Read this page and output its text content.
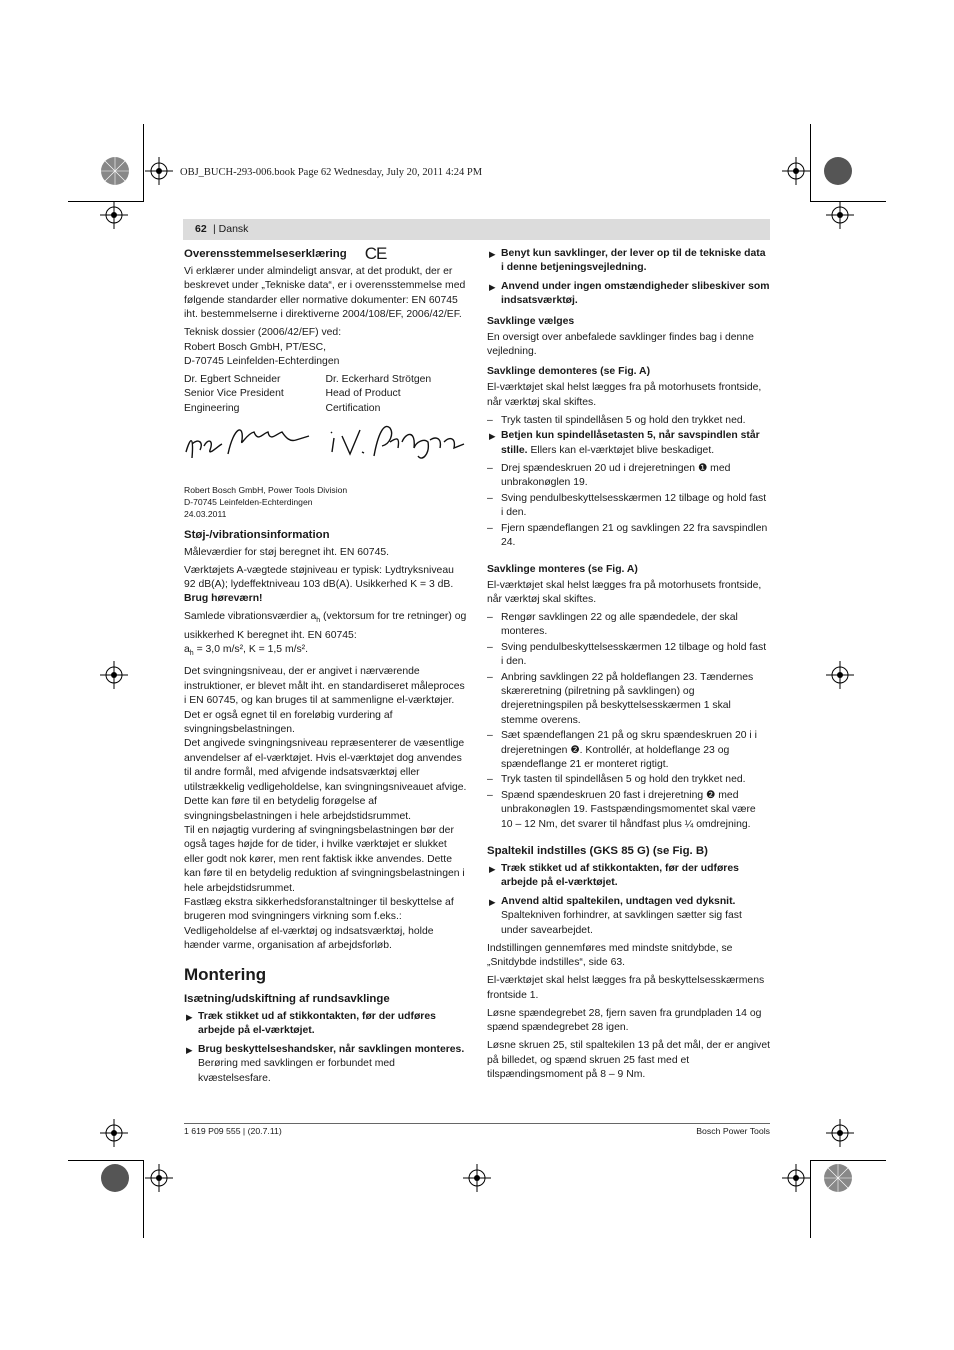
OBJ_BUCH-293-006.book Page 62 Wednesday, July 20, 2011 4:24 PM
62 | Dansk
Overensstemmelseserklæring CE

Vi erklærer under almindeligt ansvar, at det produkt, der er beskrevet under „Tekniske data“, er i overensstemmelse med følgende standarder eller normative dokumenter: EN 60745 iht. bestemmelserne i direktiverne 2004/108/EF, 2006/42/EF.

Teknisk dossier (2006/42/EF) ved:
Robert Bosch GmbH, PT/ESC,
D-70745 Leinfelden-Echterdingen

Dr. Egbert Schneider
Senior Vice President
Engineering
Dr. Eckerhard Strötgen
Head of Product
Certification

Robert Bosch GmbH, Power Tools Division
D-70745 Leinfelden-Echterdingen
24.03.2011

Støj-/vibrationsinformation

Måleværdier for støj beregnet iht. EN 60745.

Værktøjets A-vægtede støjniveau er typisk: Lydtryksniveau 92 dB(A); lydeffektniveau 103 dB(A). Usikkerhed K = 3 dB.

Brug høreværn!

Samlede vibrationsværdier $a_h$ (vektorsum for tre retninger) og usikkerhed K beregnet iht. EN 60745:
$a_h = 3,0$ m/s², K = 1,5 m/s².

Det svingningsniveau, der er angivet i nærværende instruktioner, er blevet målt iht. en standardiseret måleproces i EN 60745, og kan bruges til at sammenligne el-værktøjer. Det er også egnet til en foreløbig vurdering af svingningsbelastningen.

Det angivede svingningsniveau repræsenterer de væsentlige anvendelser af el-værktøjet. Hvis el-værktøjet dog anvendes til andre formål, med afvigende indsatsværktøj eller utilstrækkelig vedligeholdelse, kan svingningsniveauet afvige. Dette kan føre til en betydelig forøgelse af svingningsbelastningen i hele arbejdstidsrummet.

Til en nøjagtig vurdering af svingningsbelastningen bør der også tages højde for de tider, i hvilke værktøjet er slukket eller godt nok kører, men rent faktisk ikke anvendes. Dette kan føre til en betydelig reduktion af svingningsbelastningen i hele arbejdstidsrummet.

Fastlæg ekstra sikkerhedsforanstaltninger til beskyttelse af brugeren mod svingningers virkning som f.eks.: Vedligeholdelse af el-værktøj og indsatsværktøj, holde hænder varme, organisation af arbejdsforløb.

Montering
Isætning/udskiftning af rundsavklinge
▶ Træk stikket ud af stikkontakten, før der udføres arbejde på el-værktøjet.
▶ Brug beskyttelseshandsker, når savklingen monteres. Berøring med savklingen er forbundet med kvæstelsesfare.
▶ Benyt kun savklinger, der lever op til de tekniske data i denne betjeningsvejledning.
▶ Anvend under ingen omstændigheder slibeskiver som indsatsværktøj.
Savklinge vælges

En oversigt over anbefalede savklinger findes bag i denne vejledning.

Savklinge demonteres (se Fig. A)

El-værktøjet skal helst lægges fra på motorhusets frontside, når værktøj skal skiftes.

– Tryk tasten til spindellåsen 5 og hold den trykket ned.
▶ Betjen kun spindellåsetasten 5, når savspindlen står stille. Ellers kan el-værktøjet blive beskadiget.
– Drej spændeskruen 20 ud i drejeretningen ❶ med unbrakonøglen 19.
– Sving pendulbeskyttelsesskærmen 12 tilbage og hold fast i den.
– Fjern spændeflangen 21 og savklingen 22 fra savspindlen 24.
Savklinge monteres (se Fig. A)

El-værktøjet skal helst lægges fra på motorhusets frontside, når værktøj skal skiftes.

– Rengør savklingen 22 og alle spændedele, der skal monteres.
– Sving pendulbeskyttelsesskærmen 12 tilbage og hold fast i den.
– Anbring savklingen 22 på holdeflangen 23. Tændernes skæreretning (pilretning på savklingen) og drejeretningspilen på beskyttelsesskærmen 1 skal stemme overens.
– Sæt spændeflangen 21 på og skru spændeskruen 20 i i drejeretningen ❷. Kontrollér, at holdeflange 23 og spændeflange 21 er monteret rigtigt.
– Tryk tasten til spindellåsen 5 og hold den trykket ned.
– Spænd spændeskruen 20 fast i drejeretning ❷ med unbrakonøglen 19. Fastspændingsmomentet skal være 10 – 12 Nm, det svarer til håndfast plus ¼ omdrejning.
Spaltekil indstilles (GKS 85 G) (se Fig. B)
▶ Træk stikket ud af stikkontakten, før der udføres arbejde på el-værktøjet.
▶ Anvend altid spaltekilen, undtagen ved dyksnit. Spaltekniven forhindrer, at savklingen sætter sig fast under savearbejdet.

Indstillingen gennemføres med mindste snitdybde, se „Snitdybde indstilles“, side 63.

El-værktøjet skal helst lægges fra på beskyttelsesskærmens frontside 1.

Løsne spændegrebet 28, fjern saven fra grundpladen 14 og spænd spændegrebet 28 igen.

Løsne skruen 25, stil spaltekilen 13 på det mål, der er angivet på billedet, og spænd skruen 25 fast med et tilspændingsmoment på 8 – 9 Nm.

1 619 P09 555 | (20.7.11)	Bosch Power Tools
